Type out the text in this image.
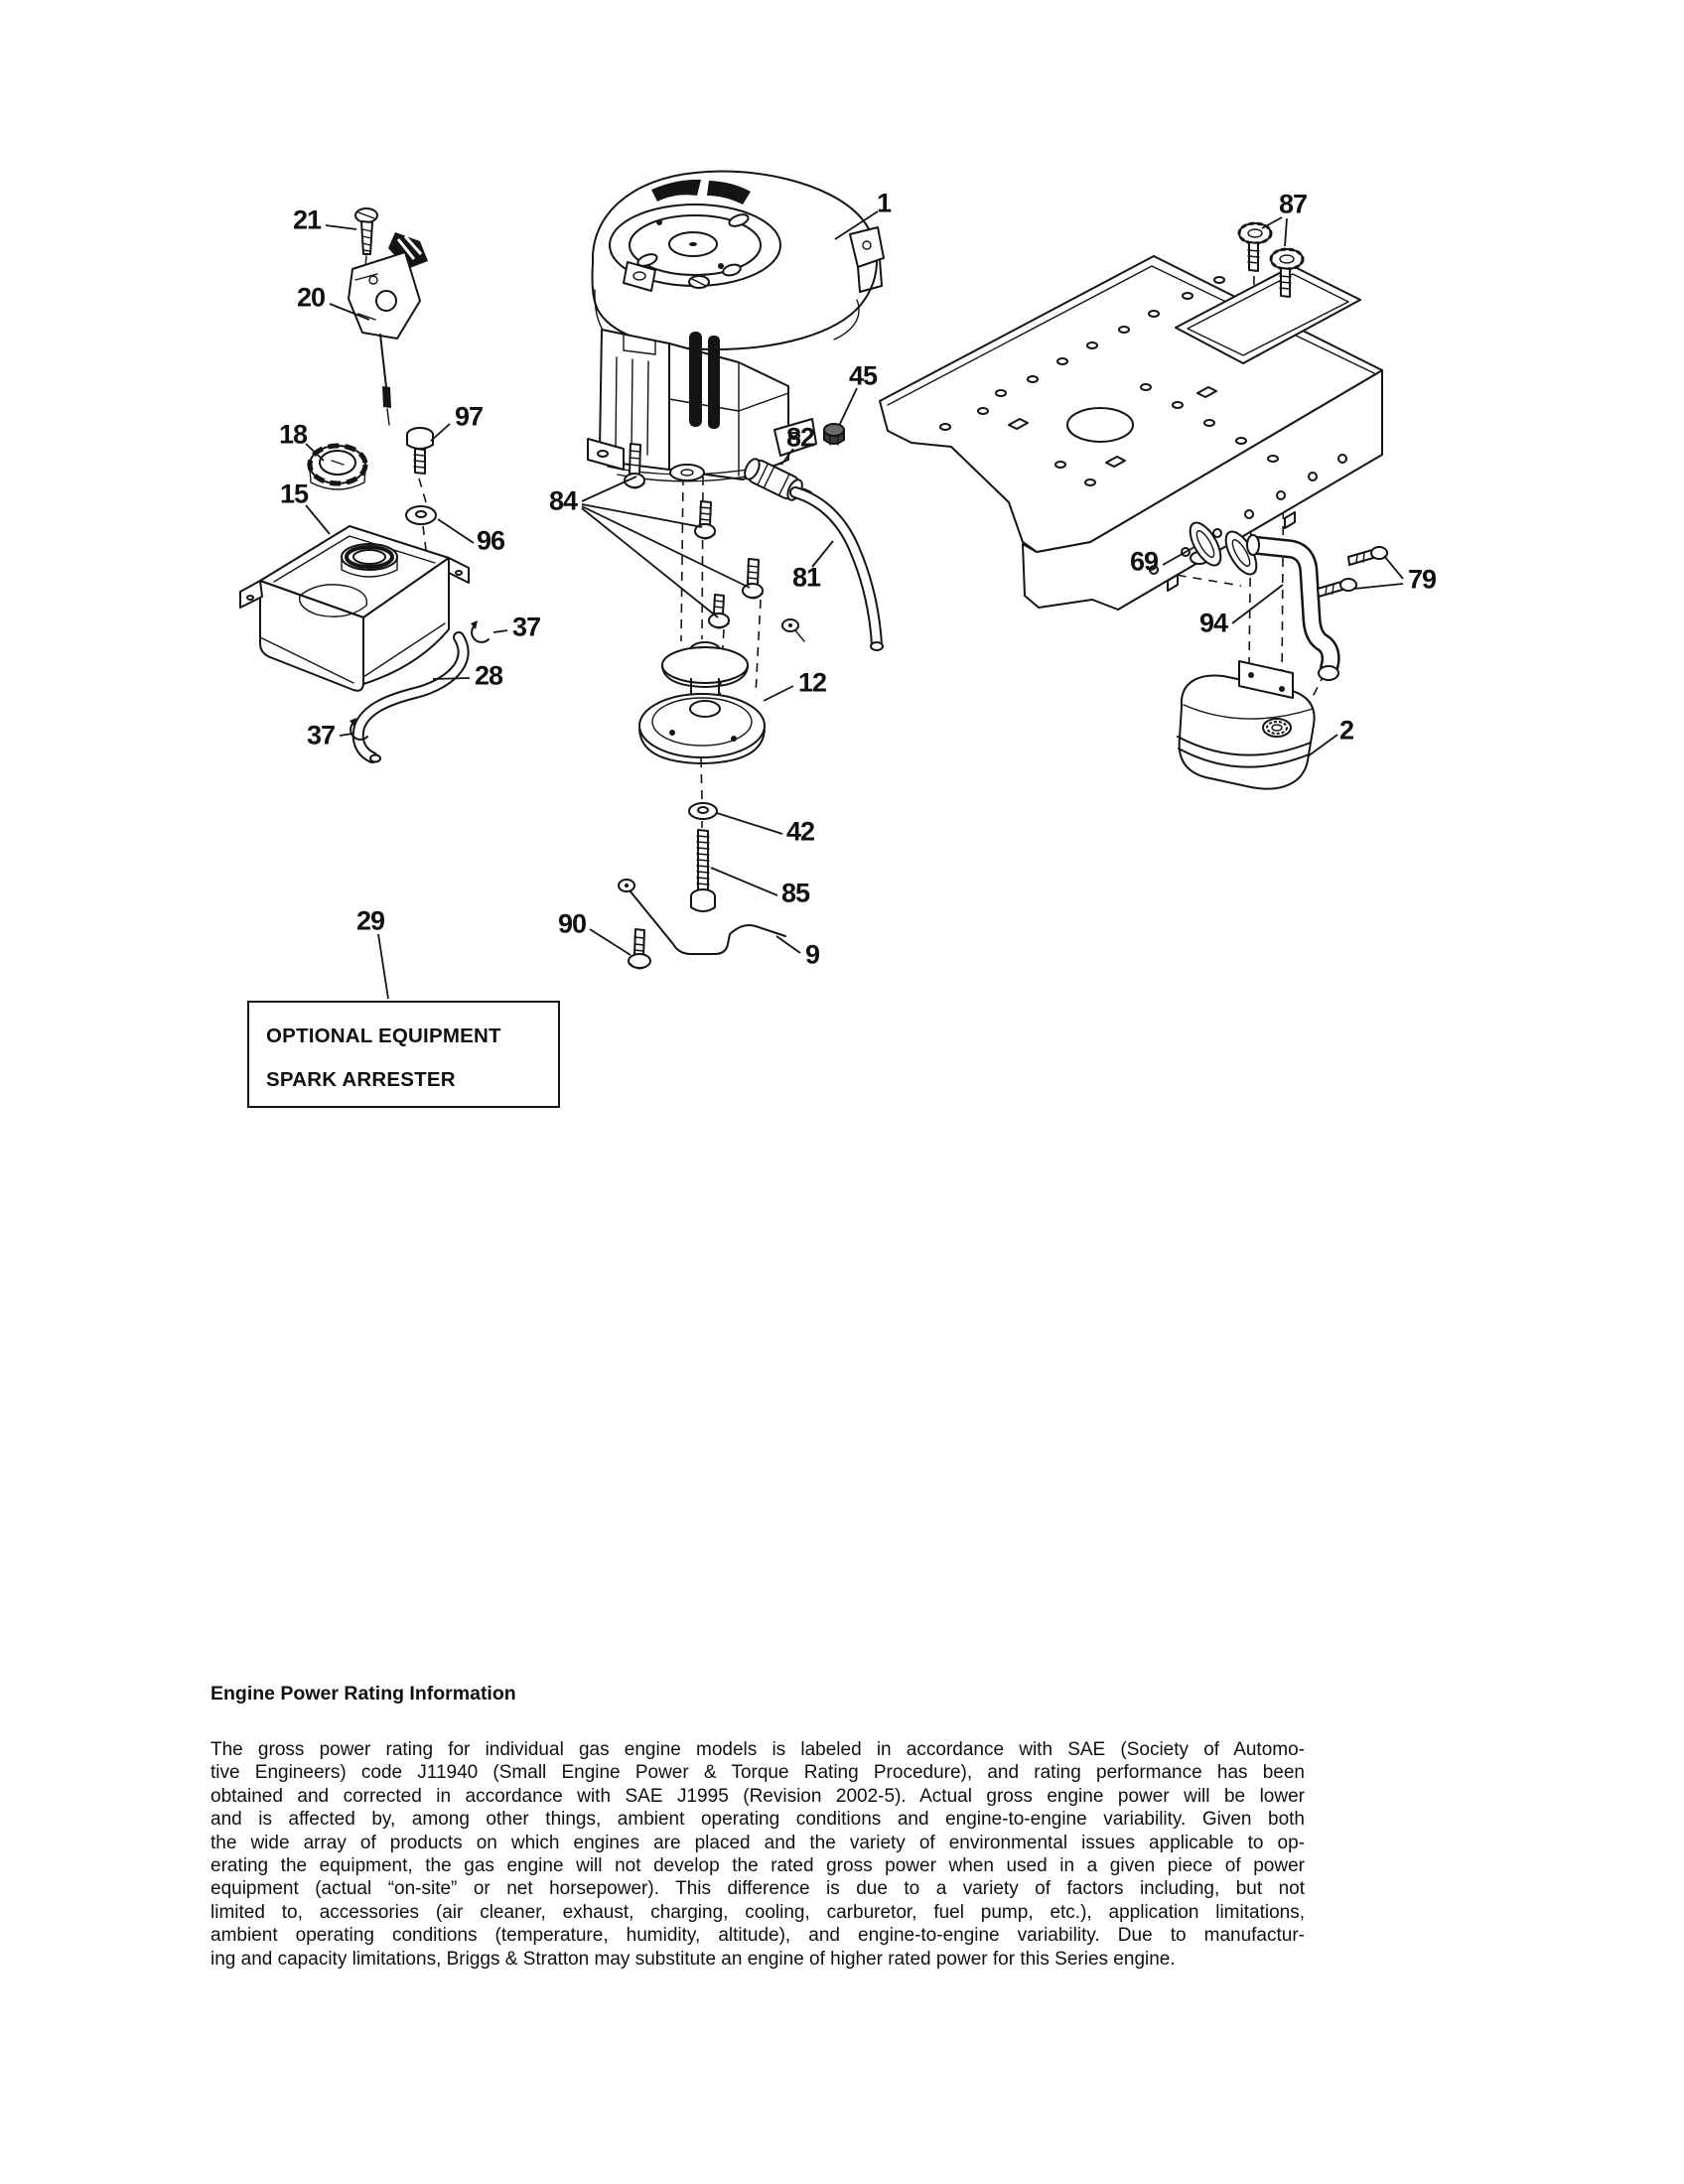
21
20
18
97
15
96
37
28
37
29
84
1
45
82
81
12
42
85
9
90
87
69
94
79
2
OPTIONAL EQUIPMENT
SPARK ARRESTER
Engine Power Rating Information
The gross power rating for individual gas engine models is labeled in accordance with SAE (Society of Automo-
tive Engineers) code J11940 (Small Engine Power & Torque Rating Procedure), and rating performance has been
obtained and corrected in accordance with SAE J1995 (Revision 2002-5). Actual gross engine power will be lower
and is affected by, among other things, ambient operating conditions and engine-to-engine variability. Given both
the wide array of products on which engines are placed and the variety of environmental issues applicable to op-
erating the equipment, the gas engine will not develop the rated gross power when used in a given piece of power
equipment (actual “on-site” or net horsepower). This difference is due to a variety of factors including, but not
limited to, accessories (air cleaner, exhaust, charging, cooling, carburetor, fuel pump, etc.), application limitations,
ambient operating conditions (temperature, humidity, altitude), and engine-to-engine variability. Due to manufactur-
ing and capacity limitations, Briggs & Stratton may substitute an engine of higher rated power for this Series engine.
